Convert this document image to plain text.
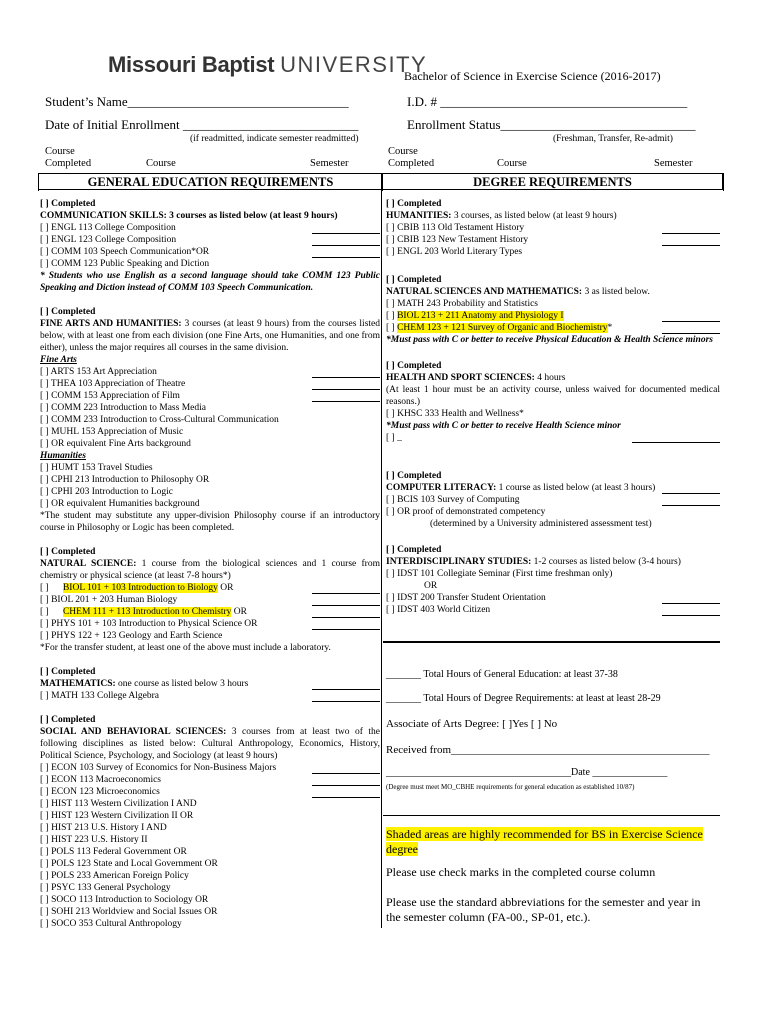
Missouri Baptist UNIVERSITY
Bachelor of Science in Exercise Science (2016-2017)
Student’s Name__________________________________	I.D. # ______________________________________
Date of Initial Enrollment ___________________________	Enrollment Status______________________________
(if readmitted, indicate semester readmitted)	(Freshman, Transfer, Re-admit)
Course
Completed	Course	Semester
Course
Completed	Course	Semester
GENERAL EDUCATION REQUIREMENTS	DEGREE REQUIREMENTS
[ ] Completed
COMMUNICATION SKILLS: 3 courses as listed below (at least 9 hours)
[ ] ENGL 113 College Composition
[ ] ENGL 123 College Composition
[ ] COMM 103 Speech Communication*OR
[ ] COMM 123 Public Speaking and Diction
* Students who use English as a second language should take COMM 123 Public Speaking and Diction instead of COMM 103 Speech Communication.
[ ] Completed
FINE ARTS AND HUMANITIES: 3 courses (at least 9 hours) from the courses listed below, with at least one from each division (one Fine Arts, one Humanities, and one from either), unless the major requires all courses in the same division.
Fine Arts
[ ] ARTS 153 Art Appreciation
[ ] THEA 103 Appreciation of Theatre
[ ] COMM 153 Appreciation of Film
[ ] COMM 223 Introduction to Mass Media
[ ] COMM 233 Introduction to Cross-Cultural Communication
[ ] MUHL 153 Appreciation of Music
[ ] OR equivalent Fine Arts background
Humanities
[ ] HUMT 153 Travel Studies
[ ] CPHI 213 Introduction to Philosophy OR
[ ] CPHI 203 Introduction to Logic
[ ] OR equivalent Humanities background
*The student may substitute any upper-division Philosophy course if an introductory course in Philosophy or Logic has been completed.
[ ] Completed
NATURAL SCIENCE: 1 course from the biological sciences and 1 course from chemistry or physical science (at least 7-8 hours*)
[ ]      BIOL 101 + 103 Introduction to Biology OR
[ ] BIOL 201 + 203 Human Biology
[ ]      CHEM 111 + 113 Introduction to Chemistry OR
[ ] PHYS 101 + 103 Introduction to Physical Science OR
[ ] PHYS 122 + 123 Geology and Earth Science
*For the transfer student, at least one of the above must include a laboratory.
[ ] Completed
MATHEMATICS: one course as listed below 3 hours
[ ] MATH 133 College Algebra
[ ] Completed
SOCIAL AND BEHAVIORAL SCIENCES: 3 courses from at least two of the following disciplines as listed below: Cultural Anthropology, Economics, History, Political Science, Psychology, and Sociology (at least 9 hours)
[ ] ECON 103 Survey of Economics for Non-Business Majors
[ ] ECON 113 Macroeconomics
[ ] ECON 123 Microeconomics
[ ] HIST 113 Western Civilization I AND
[ ] HIST 123 Western Civilization II OR
[ ] HIST 213 U.S. History I AND
[ ] HIST 223 U.S. History II
[ ] POLS 113 Federal Government OR
[ ] POLS 123 State and Local Government OR
[ ] POLS 233 American Foreign Policy
[ ] PSYC 133 General Psychology
[ ] SOCO 113 Introduction to Sociology OR
[ ] SOHI 213 Worldview and Social Issues OR
[ ] SOCO 353 Cultural Anthropology
[ ] Completed
HUMANITIES: 3 courses, as listed below (at least 9 hours)
[ ] CBIB 113 Old Testament History
[ ] CBIB 123 New Testament History
[ ] ENGL 203 World Literary Types
[ ] Completed
NATURAL SCIENCES AND MATHEMATICS: 3 as listed below.
[ ] MATH 243 Probability and Statistics
[ ] BIOL 213 + 211 Anatomy and Physiology I
[ ] CHEM 123 + 121 Survey of Organic and Biochemistry*
*Must pass with C or better to receive Physical Education & Health Science minors
[ ] Completed
HEALTH AND SPORT SCIENCES: 4 hours
(At least 1 hour must be an activity course, unless waived for documented medical reasons.)
[ ] KHSC 333 Health and Wellness*
*Must pass with C or better to receive Health Science minor
[ ] _
[ ] Completed
COMPUTER LITERACY: 1 course as listed below (at least 3 hours)
[ ] BCIS 103 Survey of Computing
[ ] OR proof of demonstrated competency
(determined by a University administered assessment test)
[ ] Completed
INTERDISCIPLINARY STUDIES: 1-2 courses as listed below (3-4 hours)
[ ] IDST 101 Collegiate Seminar (First time freshman only)
OR
[ ] IDST 200 Transfer Student Orientation
[ ] IDST 403 World Citizen
_______ Total Hours of General Education: at least 37-38
_______ Total Hours of Degree Requirements: at least at least 28-29
Associate of Arts Degree: [ ]Yes [ ] No
Received from_______________________________________________
_____________________________________Date _______________
(Degree must meet MO_CBHE requirements for general education as established 10/87)
Shaded areas are highly recommended for BS in Exercise Science degree
Please use check marks in the completed course column
Please use the standard abbreviations for the semester and year in the semester column (FA-00., SP-01, etc.).
